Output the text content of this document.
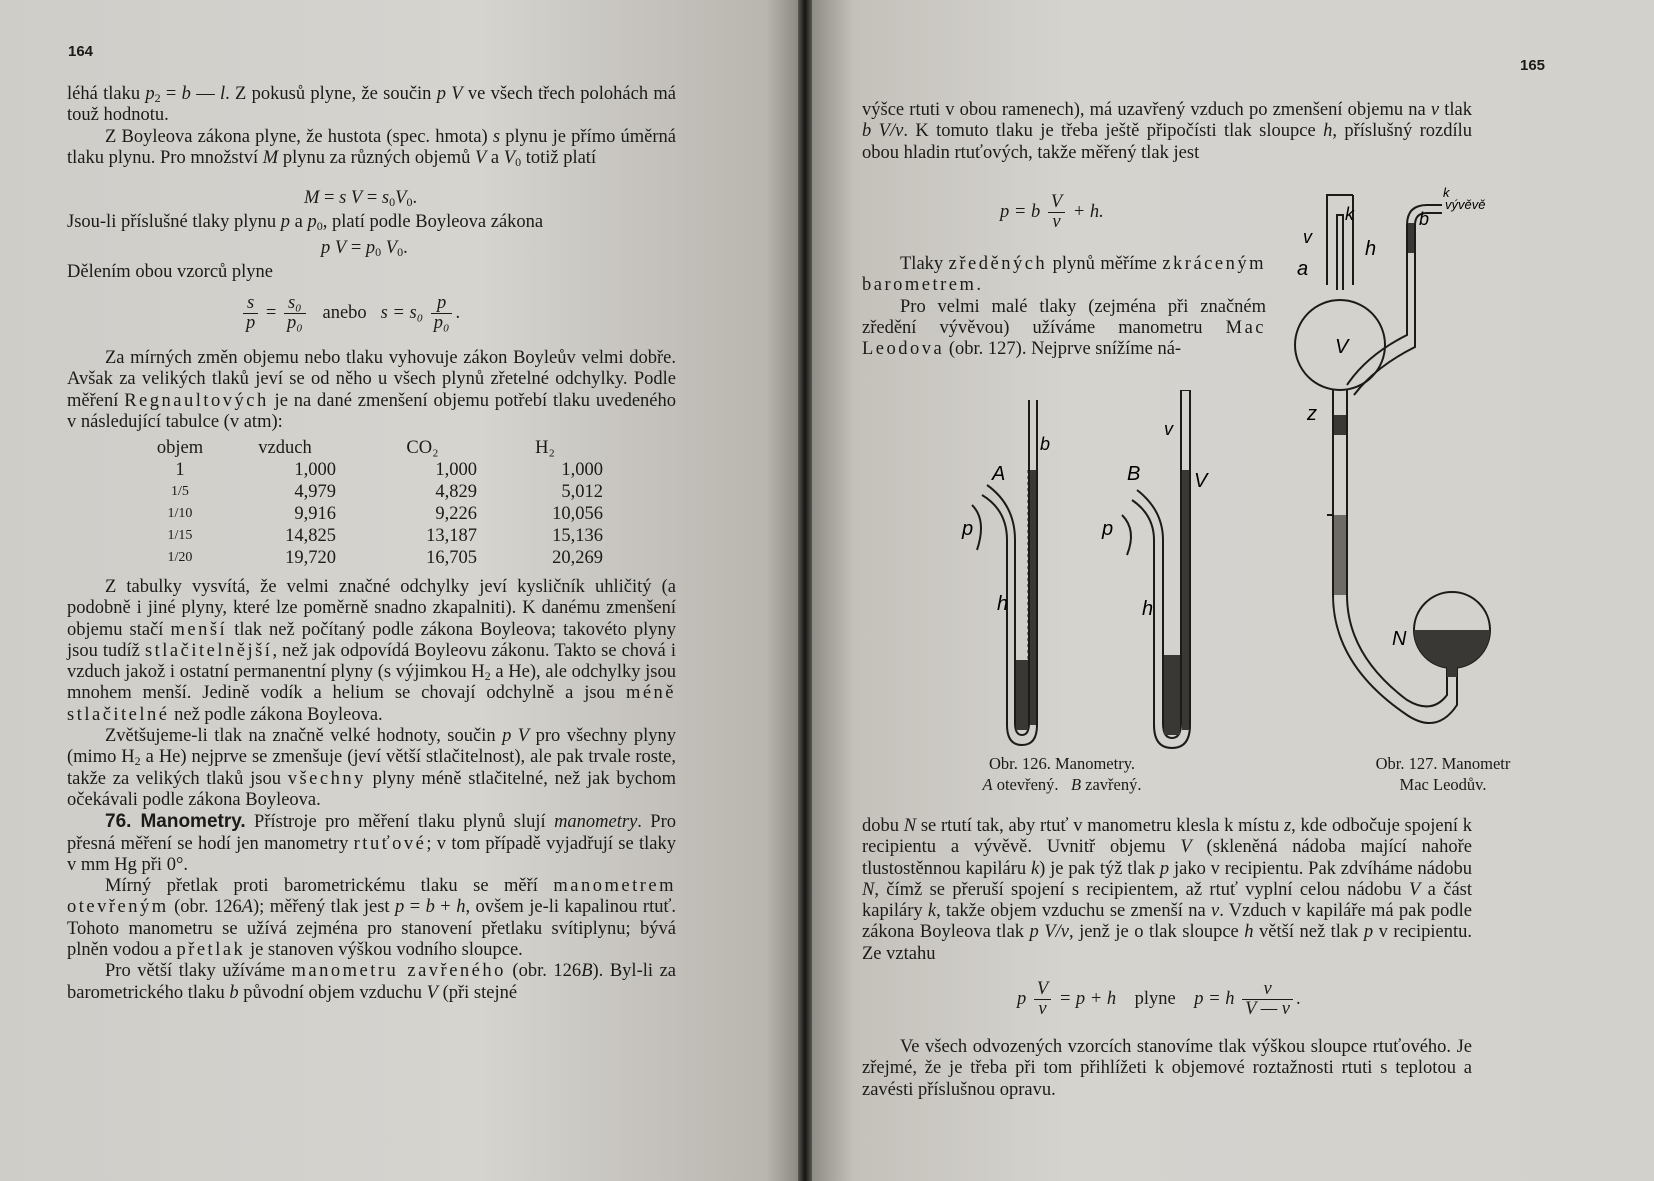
164

léhá tlaku $p_2 = b$ — l. Z pokusů plyne, že součin p V ve všech třech polohách má touž hodnotu.

Z Boyleova zákona plyne, že hustota (spec. hmota) s plynu je přímo úměrná tlaku plynu. Pro množství M plynu za různých objemů V a $V_0$ totiž platí

M = s $V = s_0V_0$.

Jsou-li příslušné tlaky plynu p a $p_0$, platí podle Boyleova zákona

p $V = p_0$ $V_0$.

Dělením obou vzorců plyne

$\frac{s}{p} = \frac{\text{s₀}}{\text{p₀}}$ anebo $s = s_0 \frac{p}{\text{p₀}}$ .

Za mírných změn objemu nebo tlaku vyhovuje zákon Boyleův velmi dobře. Avšak za velikých tlaků jeví se od něho u všech plynů zřetelné odchylky. Podle měření Regnaultových je na dané zmenšení objemu potřebí tlaku uvedeného v následující tabulce (v atm):

objem	vzduch	CO₂	H₂
1	1,000	1,000	1,000
1/5	4,979	4,829	5,012
1/10	9,916	9,226	10,056
1/15	14,825	13,187	15,136
1/20	19,720	16,705	20,269

Z tabulky vysvítá, že velmi značné odchylky jeví kysličník uhličitý (a podobně i jiné plyny, které lze poměrně snadno zkapalniti). K danému zmenšení objemu stačí menší tlak než počítaný podle zákona Boyleova; takovéto plyny jsou tudíž stlačitelnější, než jak odpovídá Boyleovu zákonu. Takto se chová i vzduch jakož i ostatní permanentní plyny (s výjimkou $H_2$ a He), ale odchylky jsou mnohem menší. Jedině vodík a helium se chovají odchylně a jsou méně stlačitelné než podle zákona Boyleova.

Zvětšujeme-li tlak na značně velké hodnoty, součin p V pro všechny plyny (mimo $H_2$ a He) nejprve se zmenšuje (jeví větší stlačitelnost), ale pak trvale roste, takže za velikých tlaků jsou všechny plyny méně stlačitelné, než jak bychom očekávali podle zákona Boyleova.

76. Manometry. Přístroje pro měření tlaku plynů slují manometry. Pro přesná měření se hodí jen manometry rtuťové; v tom případě vyjadřují se tlaky v mm Hg při 0°.

Mírný přetlak proti barometrickému tlaku se měří manometrem otevřeným (obr. 126A); měřený tlak jest p = b + h, ovšem je-li kapalinou rtuť. Tohoto manometru se užívá zejména pro stanovení přetlaku svítiplynu; bývá plněn vodou a přetlak je stanoven výškou vodního sloupce.

Pro větší tlaky užíváme manometru zavřeného (obr. 126B). Byl-li za barometrického tlaku b původní objem vzduchu V (při stejné

165

výšce rtuti v obou ramenech), má uzavřený vzduch po zmenšení objemu na v tlak b V/v. K tomuto tlaku je třeba ještě připočísti tlak sloupce h, příslušný rozdílu obou hladin rtuťových, takže měřený tlak jest

p = b $\frac{V}{v} + h$.

Tlaky zředěných plynů měříme zkráceným barometrem.

Pro velmi malé tlaky (zejména při značném zředění vývěvou) užíváme manometru Mac Leodova (obr. 127). Nejprve snížíme ná-

A
b
p
h
B
v
p
h
V
Obr. 126. Manometry.
A otevřený. B zavřený.
k
vývěvě
v
k	b
h
a
V
z
N
Obr. 127. Manometr
Mac Leodův.

dobu N se rtutí tak, aby rtuť v manometru klesla k místu z, kde odbočuje spojení k recipientu a vývěvě. Uvnitř objemu V (skleněná nádoba mající nahoře tlustostěnnou kapiláru k) je pak týž tlak p jako v recipientu. Pak zdvíháme nádobu N, čímž se přeruší spojení s recipientem, až rtuť vyplní celou nádobu V a část kapiláry k, takže objem vzduchu se zmenší na v. Vzduch v kapiláře má pak podle zákona Boyleova tlak p V/v, jenž je o tlak sloupce h větší než tlak p v recipientu. Ze vztahu

p $\frac{V}{v} = p + h$ plyne p = h $\frac{v}{V — v}$ .

Ve všech odvozených vzorcích stanovíme tlak výškou sloupce rtuťového. Je zřejmé, že je třeba při tom přihlížeti k objemové roztažnosti rtuti s teplotou a zavésti příslušnou opravu.
